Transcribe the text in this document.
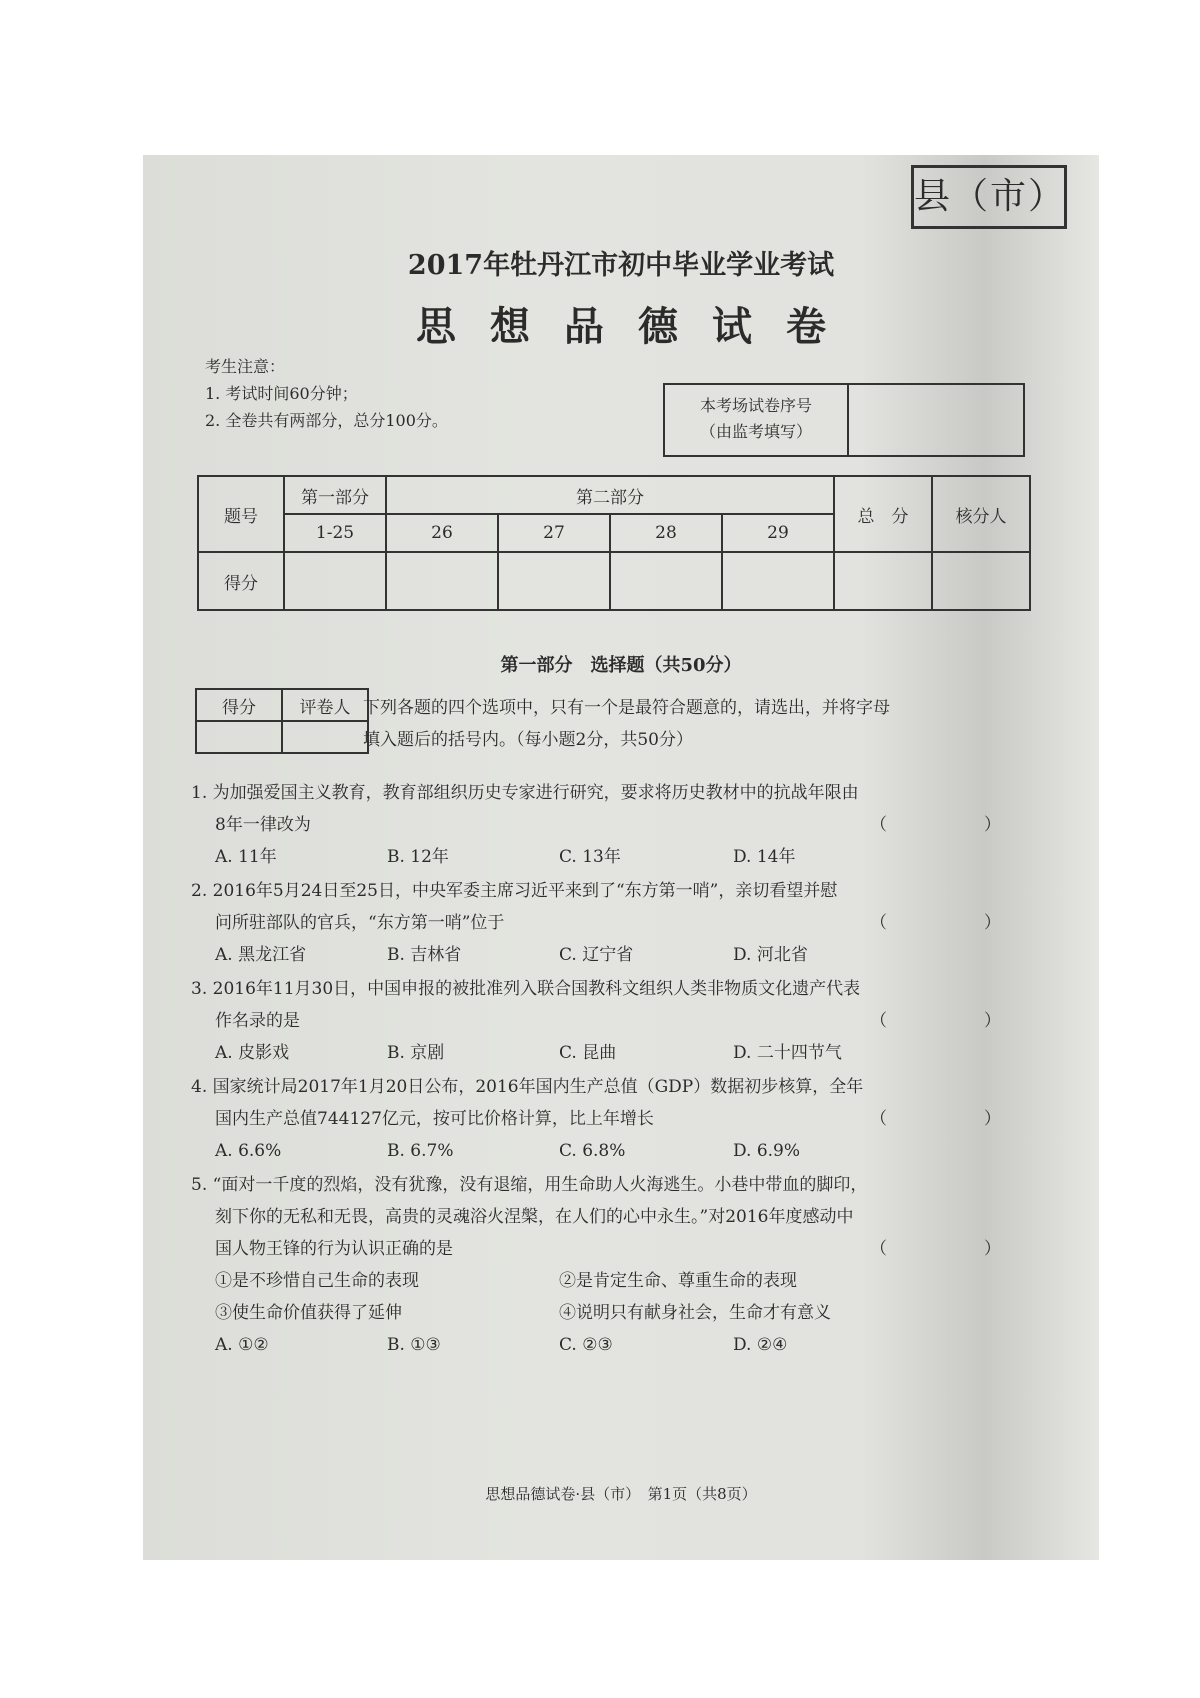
县（市）
2017年牡丹江市初中毕业学业考试
思想品德试卷
考生注意：
1. 考试时间60分钟；
2. 全卷共有两部分，总分100分。
本考场试卷序号
（由监考填写）
题号	第一部分	第二部分				总　分	核分人
	1-25	26	27	28	29		
得分							
第一部分　选择题（共50分）
得分	评卷人
	下列各题的四个选项中，只有一个是最符合题意的，请选出，并将字母
填入题后的括号内。（每小题2分，共50分）
1. 为加强爱国主义教育，教育部组织历史专家进行研究，要求将历史教材中的抗战年限由
8年一律改为	（　）
A. 11年	B. 12年	C. 13年	D. 14年
2. 2016年5月24日至25日，中央军委主席习近平来到了“东方第一哨”，亲切看望并慰
问所驻部队的官兵，“东方第一哨”位于	（　）
A. 黑龙江省	B. 吉林省	C. 辽宁省	D. 河北省
3. 2016年11月30日，中国申报的被批准列入联合国教科文组织人类非物质文化遗产代表
作名录的是	（　）
A. 皮影戏	B. 京剧	C. 昆曲	D. 二十四节气
4. 国家统计局2017年1月20日公布，2016年国内生产总值（GDP）数据初步核算，全年
国内生产总值744127亿元，按可比价格计算，比上年增长	（　）
A. 6.6%	B. 6.7%	C. 6.8%	D. 6.9%
5. “面对一千度的烈焰，没有犹豫，没有退缩，用生命助人火海逃生。小巷中带血的脚印，
刻下你的无私和无畏，高贵的灵魂浴火涅槃，在人们的心中永生。”对2016年度感动中
国人物王锋的行为认识正确的是	（　）
①是不珍惜自己生命的表现	②是肯定生命、尊重生命的表现
③使生命价值获得了延伸	④说明只有献身社会，生命才有意义
A. ①②	B. ①③	C. ②③	D. ②④
思想品德试卷·县（市）　第1页（共8页）
